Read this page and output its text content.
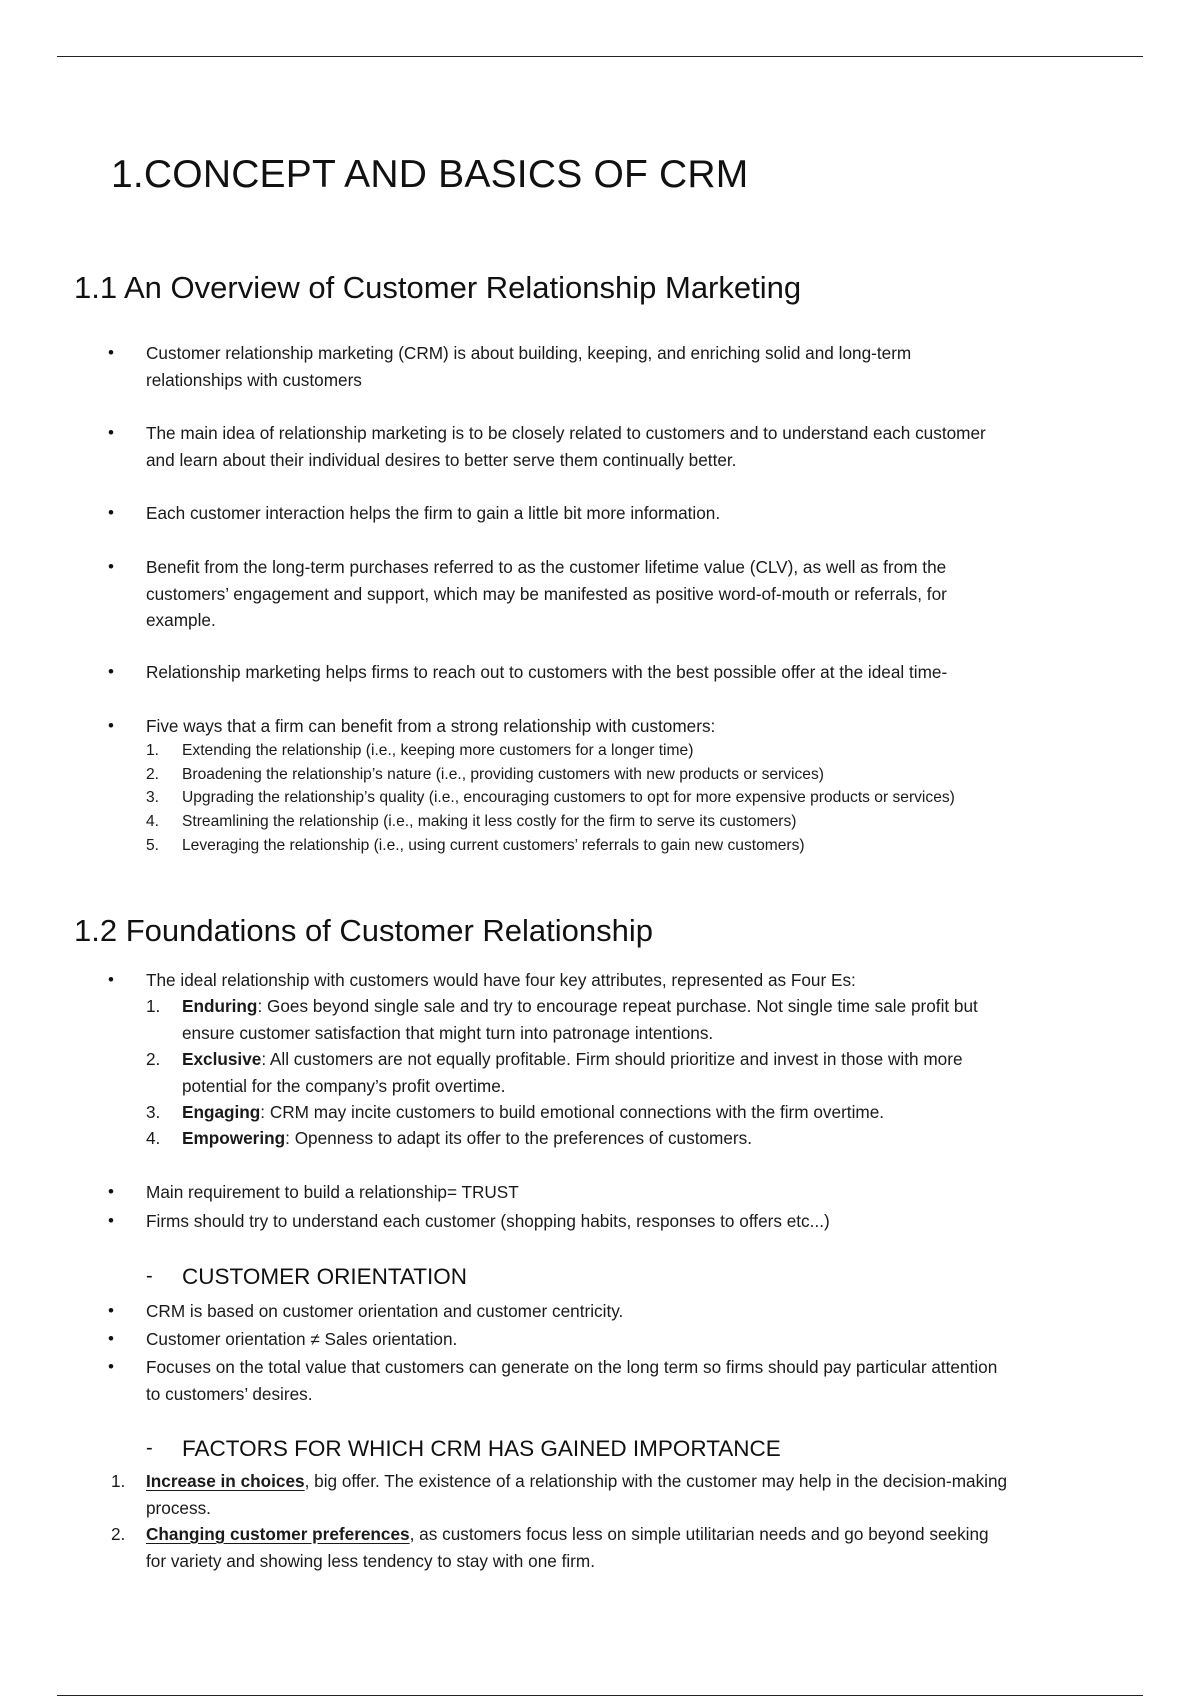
1.CONCEPT AND BASICS OF CRM
1.1 An Overview of Customer Relationship Marketing
• Customer relationship marketing (CRM) is about building, keeping, and enriching solid and long-term
relationships with customers
• The main idea of relationship marketing is to be closely related to customers and to understand each customer
and learn about their individual desires to better serve them continually better.
• Each customer interaction helps the firm to gain a little bit more information.
• Benefit from the long-term purchases referred to as the customer lifetime value (CLV), as well as from the
customers’ engagement and support, which may be manifested as positive word-of-mouth or referrals, for
example.
• Relationship marketing helps firms to reach out to customers with the best possible offer at the ideal time-
• Five ways that a firm can benefit from a strong relationship with customers:
1. Extending the relationship (i.e., keeping more customers for a longer time)
2. Broadening the relationship’s nature (i.e., providing customers with new products or services)
3. Upgrading the relationship’s quality (i.e., encouraging customers to opt for more expensive products or services)
4. Streamlining the relationship (i.e., making it less costly for the firm to serve its customers)
5. Leveraging the relationship (i.e., using current customers’ referrals to gain new customers)
1.2 Foundations of Customer Relationship
• The ideal relationship with customers would have four key attributes, represented as Four Es:
1. Enduring: Goes beyond single sale and try to encourage repeat purchase. Not single time sale profit but
ensure customer satisfaction that might turn into patronage intentions.
2. Exclusive: All customers are not equally profitable. Firm should prioritize and invest in those with more
potential for the company’s profit overtime.
3. Engaging: CRM may incite customers to build emotional connections with the firm overtime.
4. Empowering: Openness to adapt its offer to the preferences of customers.
• Main requirement to build a relationship= TRUST
• Firms should try to understand each customer (shopping habits, responses to offers etc...)
- CUSTOMER ORIENTATION
• CRM is based on customer orientation and customer centricity.
• Customer orientation ≠ Sales orientation.
• Focuses on the total value that customers can generate on the long term so firms should pay particular attention
to customers’ desires.
- FACTORS FOR WHICH CRM HAS GAINED IMPORTANCE
1. Increase in choices, big offer. The existence of a relationship with the customer may help in the decision-making
process.
2. Changing customer preferences, as customers focus less on simple utilitarian needs and go beyond seeking
for variety and showing less tendency to stay with one firm.
